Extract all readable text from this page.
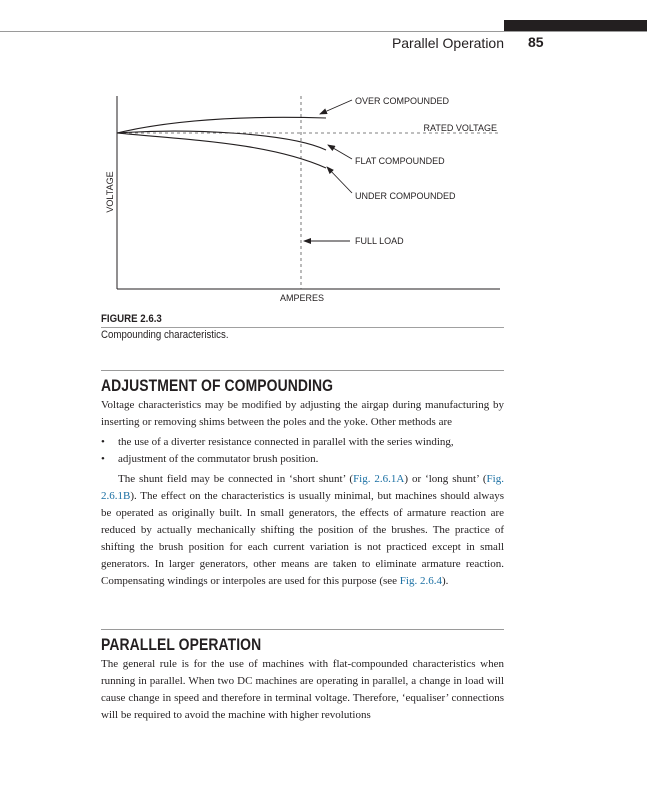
Parallel Operation 85
OVER COMPOUNDED
RATED VOLTAGE
FLAT COMPOUNDED
UNDER COMPOUNDED
FULL LOAD
AMPERES
VOLTAGE
FIGURE 2.6.3
Compounding characteristics.
ADJUSTMENT OF COMPOUNDING

Voltage characteristics may be modified by adjusting the airgap during manufacturing by inserting or removing shims between the poles and the yoke. Other methods are

• the use of a diverter resistance connected in parallel with the series winding,
• adjustment of the commutator brush position.

The shunt field may be connected in ‘short shunt’ (Fig. 2.6.1A) or ‘long shunt’ (Fig. 2.6.1B). The effect on the characteristics is usually minimal, but machines should always be operated as originally built. In small generators, the effects of armature reaction are reduced by actually mechanically shifting the position of the brushes. The practice of shifting the brush position for each current variation is not practiced except in small generators. In larger generators, other means are taken to eliminate armature reaction. Compensating windings or interpoles are used for this purpose (see Fig. 2.6.4).

PARALLEL OPERATION

The general rule is for the use of machines with flat-compounded characteristics when running in parallel. When two DC machines are operating in parallel, a change in load will cause change in speed and therefore in terminal voltage. Therefore, ‘equaliser’ connections will be required to avoid the machine with higher revolutions
